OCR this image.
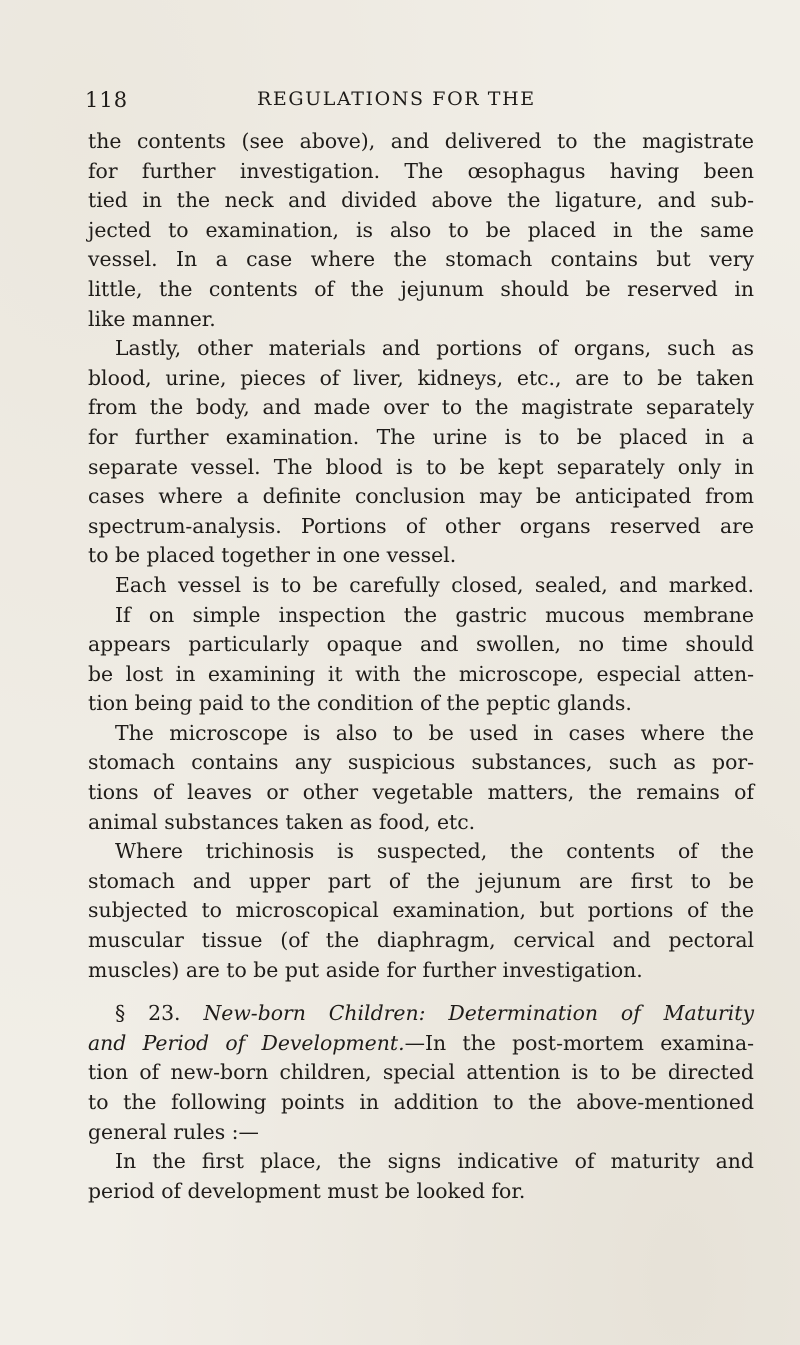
118	REGULATIONS FOR THE
the contents (see above), and delivered to the magistrate
for further investigation. The œsophagus having been
tied in the neck and divided above the ligature, and sub-
jected to examination, is also to be placed in the same
vessel. In a case where the stomach contains but very
little, the contents of the jejunum should be reserved in
like manner.
Lastly, other materials and portions of organs, such as
blood, urine, pieces of liver, kidneys, etc., are to be taken
from the body, and made over to the magistrate separately
for further examination. The urine is to be placed in a
separate vessel. The blood is to be kept separately only in
cases where a definite conclusion may be anticipated from
spectrum-analysis. Portions of other organs reserved are
to be placed together in one vessel.
Each vessel is to be carefully closed, sealed, and marked.
If on simple inspection the gastric mucous membrane
appears particularly opaque and swollen, no time should
be lost in examining it with the microscope, especial atten-
tion being paid to the condition of the peptic glands.
The microscope is also to be used in cases where the
stomach contains any suspicious substances, such as por-
tions of leaves or other vegetable matters, the remains of
animal substances taken as food, etc.
Where trichinosis is suspected, the contents of the
stomach and upper part of the jejunum are first to be
subjected to microscopical examination, but portions of the
muscular tissue (of the diaphragm, cervical and pectoral
muscles) are to be put aside for further investigation.
§ 23. New-born Children: Determination of Maturity
and Period of Development.—In the post-mortem examina-
tion of new-born children, special attention is to be directed
to the following points in addition to the above-mentioned
general rules :—
In the first place, the signs indicative of maturity and
period of development must be looked for.
